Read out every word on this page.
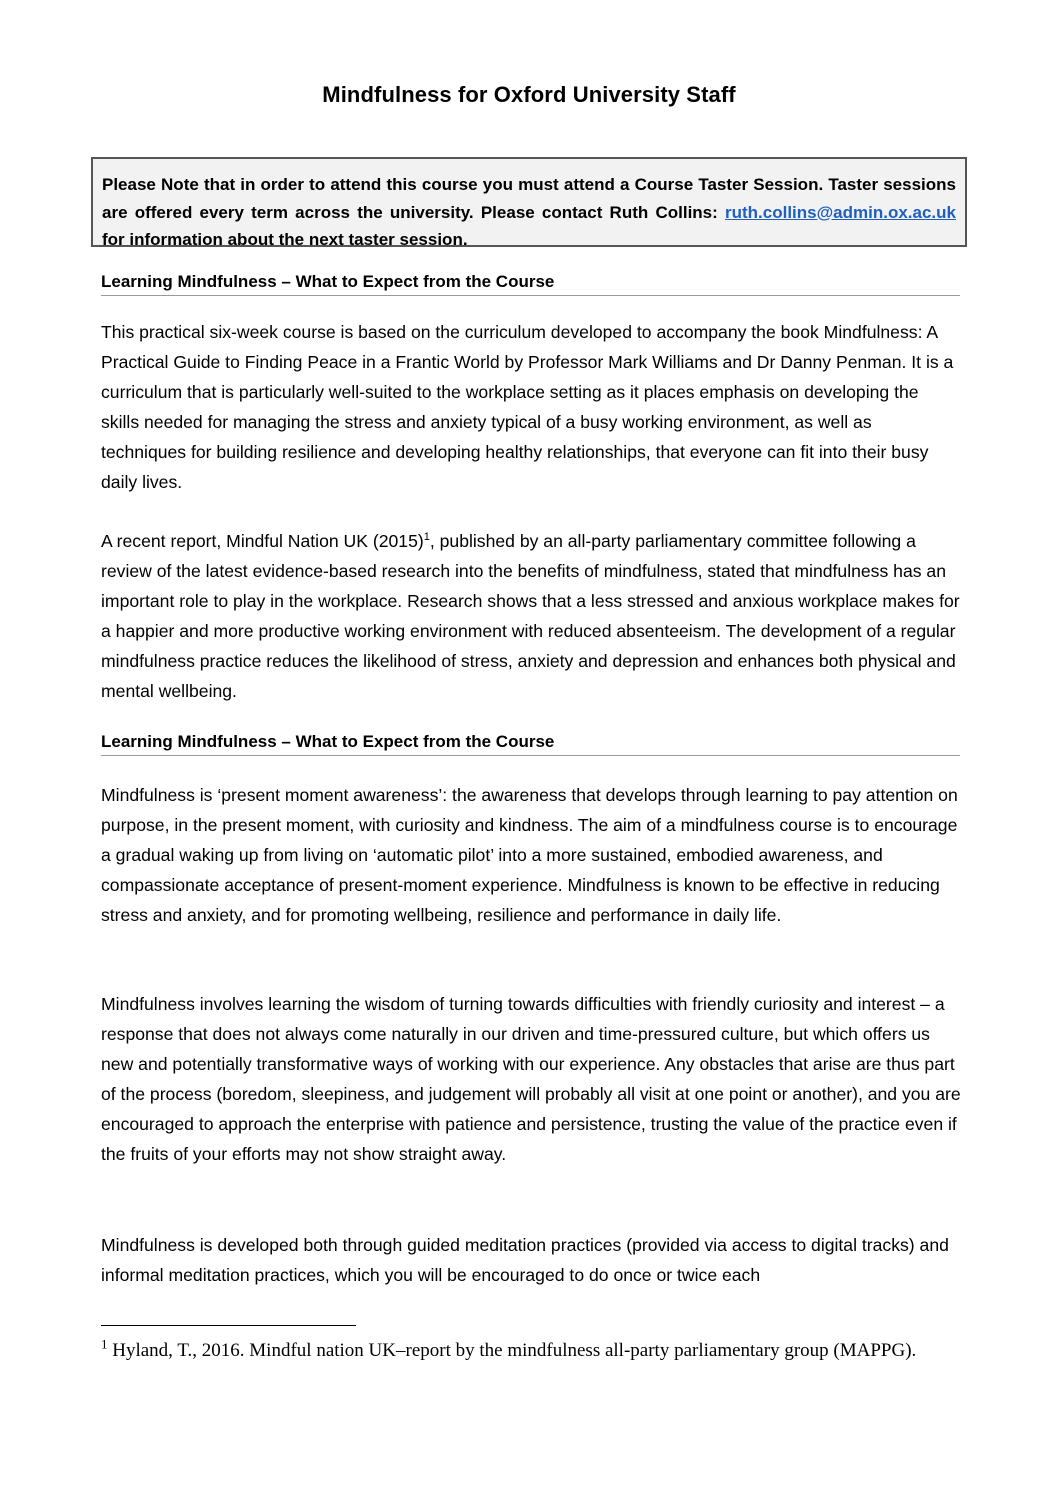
Mindfulness for Oxford University Staff
Please Note that in order to attend this course you must attend a Course Taster Session. Taster sessions are offered every term across the university. Please contact Ruth Collins: ruth.collins@admin.ox.ac.uk for information about the next taster session.
Learning Mindfulness – What to Expect from the Course

This practical six-week course is based on the curriculum developed to accompany the book Mindfulness: A Practical Guide to Finding Peace in a Frantic World by Professor Mark Williams and Dr Danny Penman. It is a curriculum that is particularly well-suited to the workplace setting as it places emphasis on developing the skills needed for managing the stress and anxiety typical of a busy working environment, as well as techniques for building resilience and developing healthy relationships, that everyone can fit into their busy daily lives.

A recent report, Mindful Nation UK $(2015)^1$, published by an all-party parliamentary committee following a review of the latest evidence-based research into the benefits of mindfulness, stated that mindfulness has an important role to play in the workplace. Research shows that a less stressed and anxious workplace makes for a happier and more productive working environment with reduced absenteeism. The development of a regular mindfulness practice reduces the likelihood of stress, anxiety and depression and enhances both physical and mental wellbeing.

Learning Mindfulness – What to Expect from the Course

Mindfulness is ‘present moment awareness’: the awareness that develops through learning to pay attention on purpose, in the present moment, with curiosity and kindness. The aim of a mindfulness course is to encourage a gradual waking up from living on ‘automatic pilot’ into a more sustained, embodied awareness, and compassionate acceptance of present-moment experience. Mindfulness is known to be effective in reducing stress and anxiety, and for promoting wellbeing, resilience and performance in daily life.

Mindfulness involves learning the wisdom of turning towards difficulties with friendly curiosity and interest – a response that does not always come naturally in our driven and time-pressured culture, but which offers us new and potentially transformative ways of working with our experience. Any obstacles that arise are thus part of the process (boredom, sleepiness, and judgement will probably all visit at one point or another), and you are encouraged to approach the enterprise with patience and persistence, trusting the value of the practice even if the fruits of your efforts may not show straight away.

Mindfulness is developed both through guided meditation practices (provided via access to digital tracks) and informal meditation practices, which you will be encouraged to do once or twice each

$^1$ Hyland, T., 2016. Mindful nation UK–report by the mindfulness all-party parliamentary group (MAPPG).
